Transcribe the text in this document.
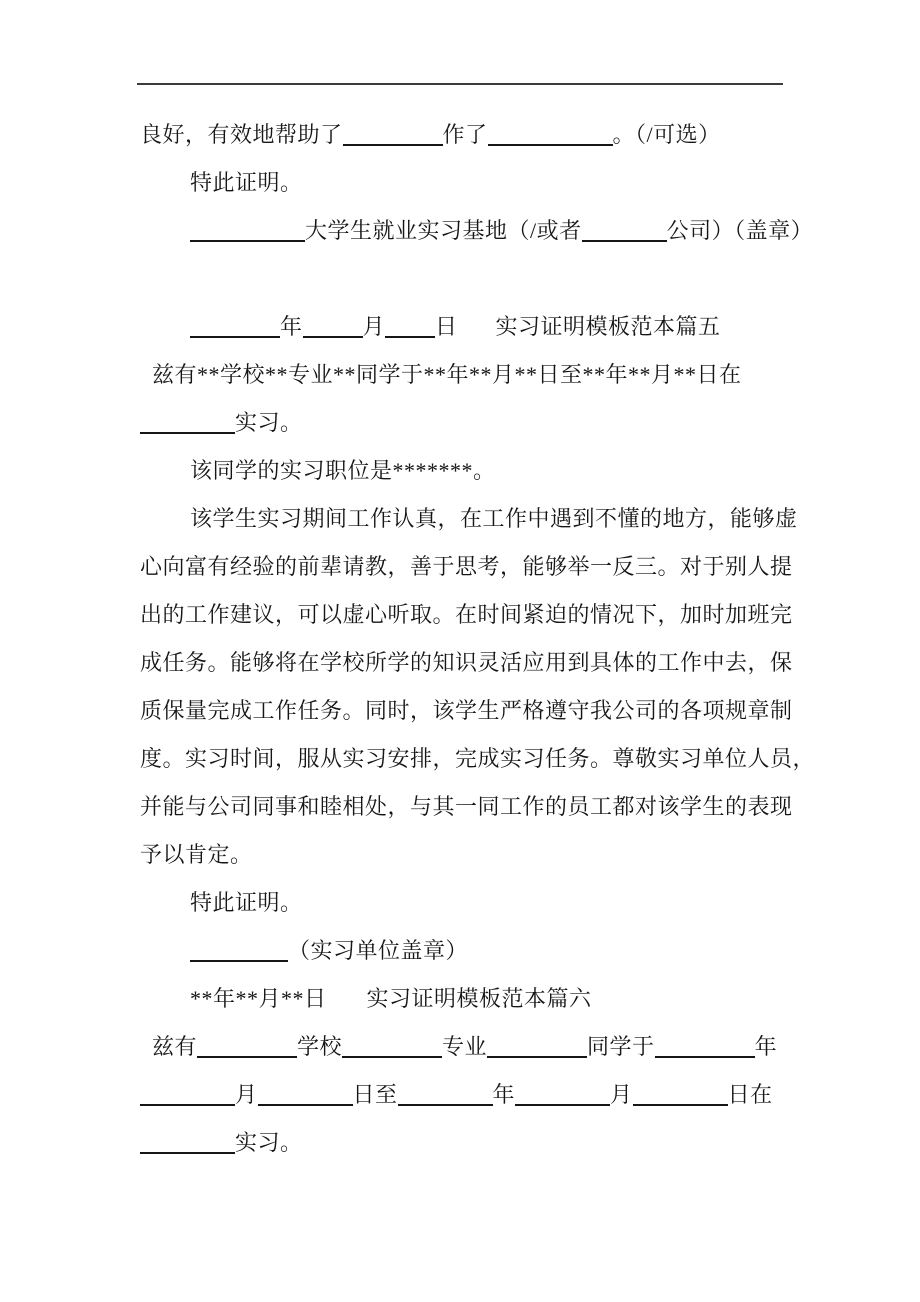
良好，有效地帮助了	作了	。（/可选）
特此证明。
大学生就业实习基地（/或者	公司）（盖章）
年	月 日 实习证明模板范本篇五
兹有**学校**专业**同学于**年**月**日至**年**月**日在
实习。
该同学的实习职位是*******。
该学生实习期间工作认真，在工作中遇到不懂的地方，能够虚
心向富有经验的前辈请教，善于思考，能够举一反三。对于别人提
出的工作建议，可以虚心听取。在时间紧迫的情况下，加时加班完
成任务。能够将在学校所学的知识灵活应用到具体的工作中去，保
质保量完成工作任务。同时，该学生严格遵守我公司的各项规章制
度。实习时间，服从实习安排，完成实习任务。尊敬实习单位人员，
并能与公司同事和睦相处，与其一同工作的员工都对该学生的表现
予以肯定。
特此证明。
（实习单位盖章）
**年**月**日 实习证明模板范本篇六
兹有	学校	专业	同学于	年
月	日至	年	月	日在
实习。
